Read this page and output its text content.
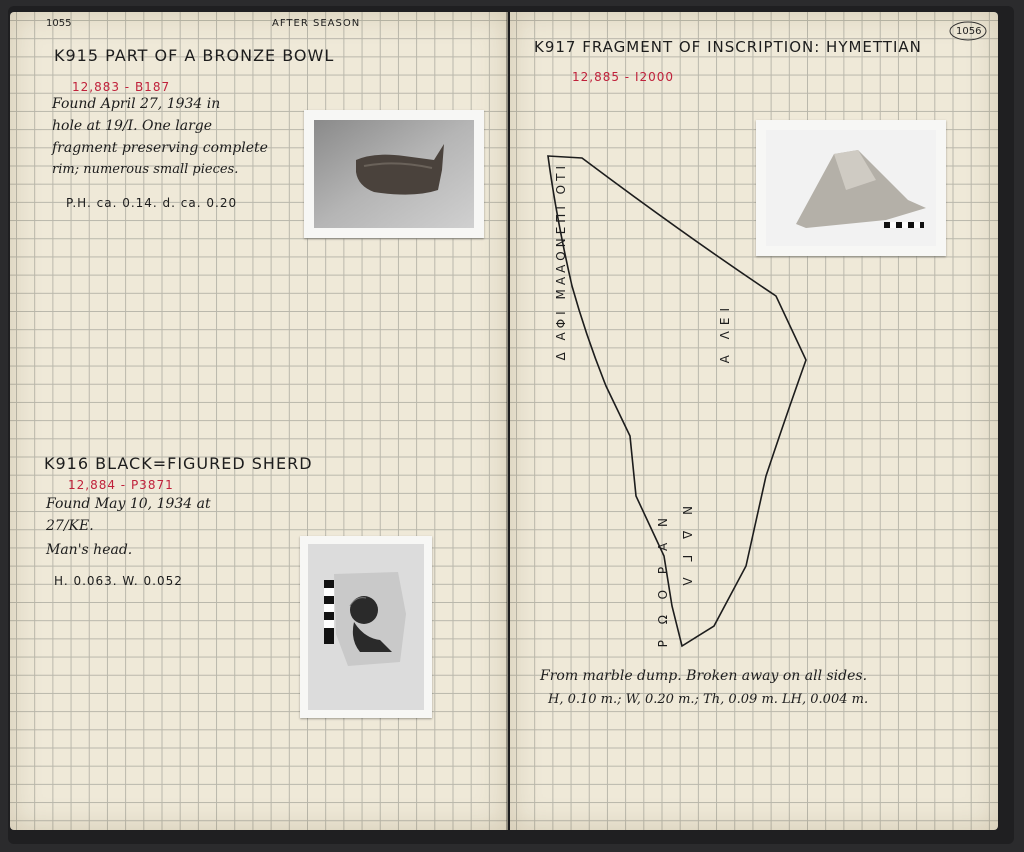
1055	AFTER SEASON
K915 PART OF A BRONZE BOWL
12,883 - B187
Found April 27, 1934 in
hole at 19/I. One large
fragment preserving complete
rim; numerous small pieces.
P.H. ca. 0.14. d. ca. 0.20
K916 BLACK=FIGURED SHERD
12,884 - P3871
Found May 10, 1934 at
27/KE.
Man's head.
H. 0.063. W. 0.052
1056
K917 FRAGMENT OF INSCRIPTION: HYMETTIAN
12,885 - I2000
Δ ΑΦΙ ΜΑΑΟΝΕΠΙ ΟΤΙ	Α ΛΕΙ
Ν Δ Γ Λ
Ρ Ω Ο Ρ Α Ν
From marble dump. Broken away on all sides.
H, 0.10 m.; W, 0.20 m.; Th, 0.09 m. LH, 0.004 m.
